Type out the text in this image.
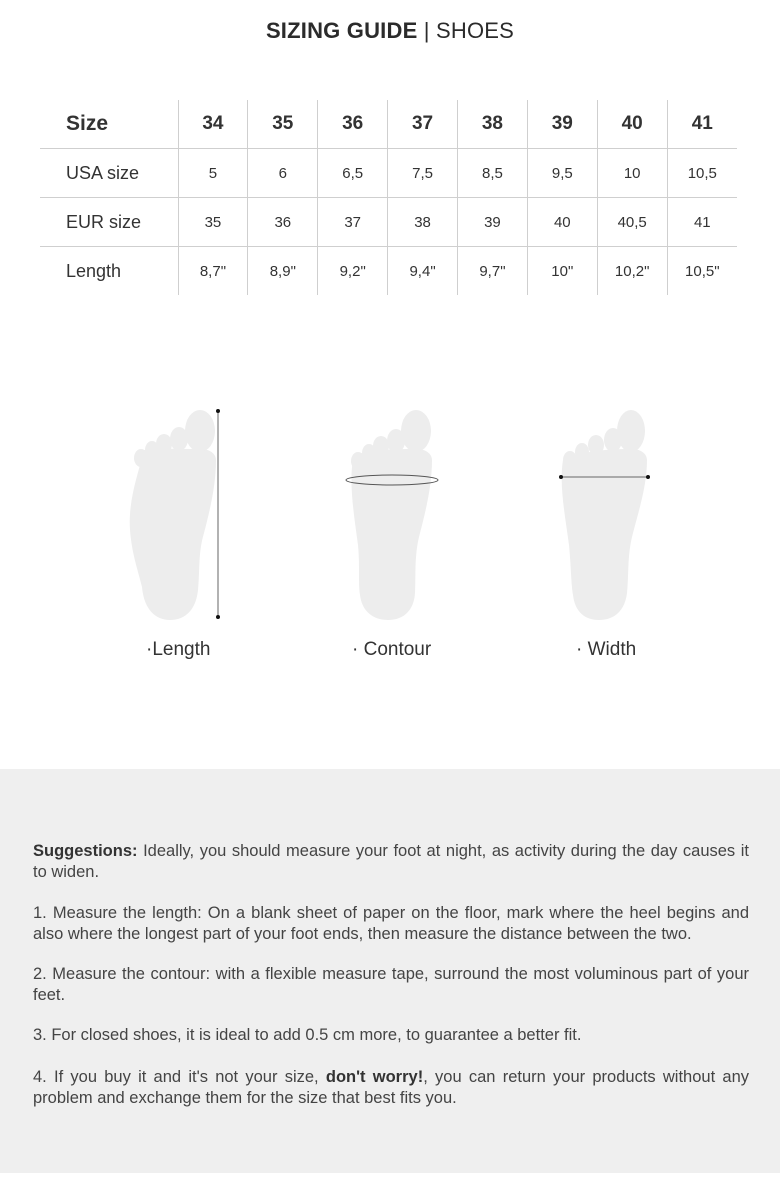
SIZING GUIDE | SHOES
Size	34	35	36	37	38	39	40	41
USA size	5	6	6,5	7,5	8,5	9,5	10	10,5
EUR size	35	36	37	38	39	40	40,5	41
Length	8,7"	8,9"	9,2"	9,4"	9,7"	10"	10,2"	10,5"
·Length	· Contour	· Width

Suggestions: Ideally, you should measure your foot at night, as activity during the day causes it to widen.

1. Measure the length: On a blank sheet of paper on the floor, mark where the heel begins and also where the longest part of your foot ends, then measure the distance between the two.

2. Measure the contour: with a flexible measure tape, surround the most voluminous part of your feet.

3. For closed shoes, it is ideal to add 0.5 cm more, to guarantee a better fit.

4. If you buy it and it's not your size, don't worry!, you can return your products without any problem and exchange them for the size that best fits you.
